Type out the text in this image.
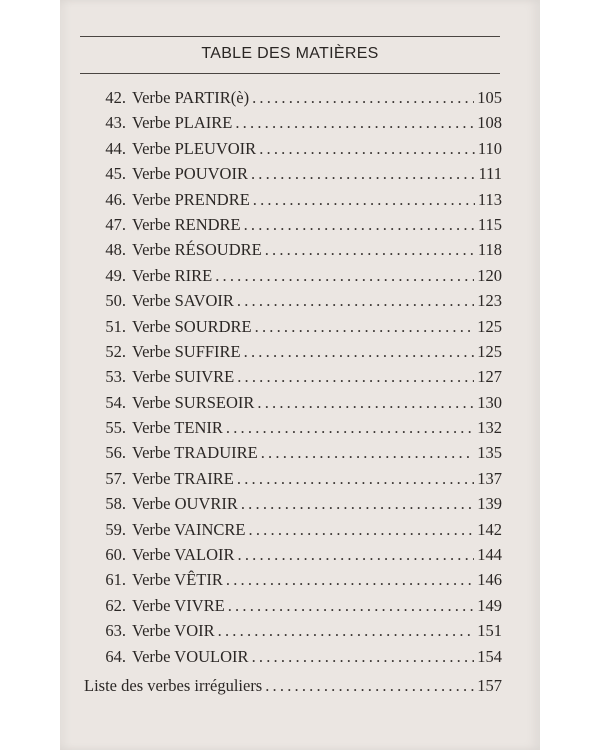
TABLE DES MATIÈRES
42. Verbe PARTIR(è) .....	105
43. Verbe PLAIRE .....	108
44. Verbe PLEUVOIR .....	110
45. Verbe POUVOIR .....	111
46. Verbe PRENDRE .....	113
47. Verbe RENDRE .....	115
48. Verbe RÉSOUDRE .....	118
49. Verbe RIRE .....	120
50. Verbe SAVOIR .....	123
51. Verbe SOURDRE .....	125
52. Verbe SUFFIRE .....	125
53. Verbe SUIVRE .....	127
54. Verbe SURSEOIR .....	130
55. Verbe TENIR .....	132
56. Verbe TRADUIRE .....	135
57. Verbe TRAIRE .....	137
58. Verbe OUVRIR .....	139
59. Verbe VAINCRE .....	142
60. Verbe VALOIR .....	144
61. Verbe VÊTIR .....	146
62. Verbe VIVRE .....	149
63. Verbe VOIR .....	151
64. Verbe VOULOIR .....	154
Liste des verbes irréguliers .....	157
